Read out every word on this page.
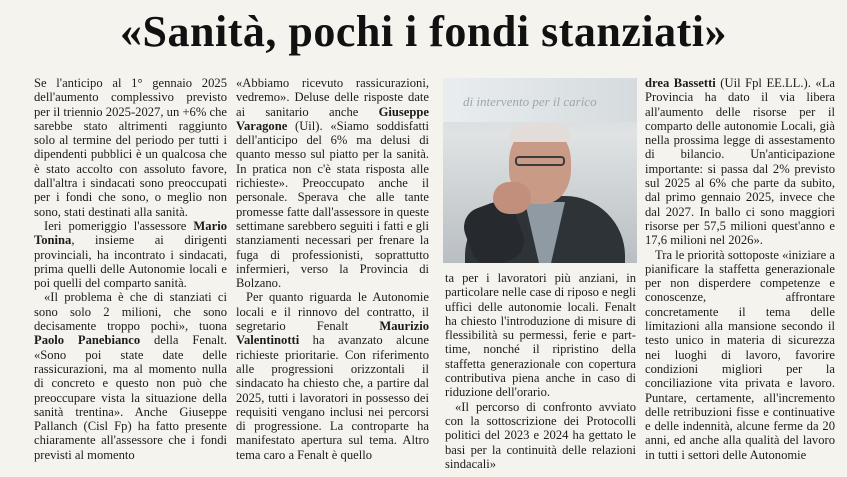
«Sanità, pochi i fondi stanziati»

Se l'anticipo al 1° gennaio 2025 dell'aumento complessivo previsto per il triennio 2025-2027, un +6% che sarebbe stato altrimenti raggiunto solo al termine del periodo per tutti i dipendenti pubblici è un qualcosa che è stato accolto con assoluto favore, dall'altra i sindacati sono preoccupati per i fondi che sono, o meglio non sono, stati destinati alla sanità.

Ieri pomeriggio l'assessore Mario Tonina, insieme ai dirigenti provinciali, ha incontrato i sindacati, prima quelli delle Autonomie locali e poi quelli del comparto sanità.

«Il problema è che di stanziati ci sono solo 2 milioni, che sono decisamente troppo pochi», tuona Paolo Panebianco della Fenalt. «Sono poi state date delle rassicurazioni, ma al momento nulla di concreto e questo non può che preoccupare vista la situazione della sanità trentina». Anche Giuseppe Pallanch (Cisl Fp) ha fatto presente chiaramente all'assessore che i fondi previsti al momento

«Abbiamo ricevuto rassicurazioni, vedremo». Deluse delle risposte date ai sanitario anche Giuseppe Varagone (Uil). «Siamo soddisfatti dell'anticipo del 6% ma delusi di quanto messo sul piatto per la sanità. In pratica non c'è stata risposta alle richieste». Preoccupato anche il personale. Sperava che alle tante promesse fatte dall'assessore in queste settimane sarebbero seguiti i fatti e gli stanziamenti necessari per frenare la fuga di professionisti, soprattutto infermieri, verso la Provincia di Bolzano.

Per quanto riguarda le Autonomie locali e il rinnovo del contratto, il segretario Fenalt Maurizio Valentinotti ha avanzato alcune richieste prioritarie. Con riferimento alle progressioni orizzontali il sindacato ha chiesto che, a partire dal 2025, tutti i lavoratori in possesso dei requisiti vengano inclusi nei percorsi di progressione. La controparte ha manifestato apertura sul tema. Altro tema caro a Fenalt è quello

di intervento per il carico

ta per i lavoratori più anziani, in particolare nelle case di riposo e negli uffici delle autonomie locali. Fenalt ha chiesto l'introduzione di misure di flessibilità su permessi, ferie e part-time, nonché il ripristino della staffetta generazionale con copertura contributiva piena anche in caso di riduzione dell'orario.

«Il percorso di confronto avviato con la sottoscrizione dei Protocolli politici del 2023 e 2024 ha gettato le basi per la continuità delle relazioni sindacali»

drea Bassetti (Uil Fpl EE.LL.). «La Provincia ha dato il via libera all'aumento delle risorse per il comparto delle autonomie Locali, già nella prossima legge di assestamento di bilancio. Un'anticipazione importante: si passa dal 2% previsto sul 2025 al 6% che parte da subito, dal primo gennaio 2025, invece che dal 2027. In ballo ci sono maggiori risorse per 57,5 milioni quest'anno e 17,6 milioni nel 2026».

Tra le priorità sottoposte «iniziare a pianificare la staffetta generazionale per non disperdere competenze e conoscenze, affrontare concretamente il tema delle limitazioni alla mansione secondo il testo unico in materia di sicurezza nei luoghi di lavoro, favorire condizioni migliori per la conciliazione vita privata e lavoro. Puntare, certamente, all'incremento delle retribuzioni fisse e continuative e delle indennità, alcune ferme da 20 anni, ed anche alla qualità del lavoro in tutti i settori delle Autonomie
